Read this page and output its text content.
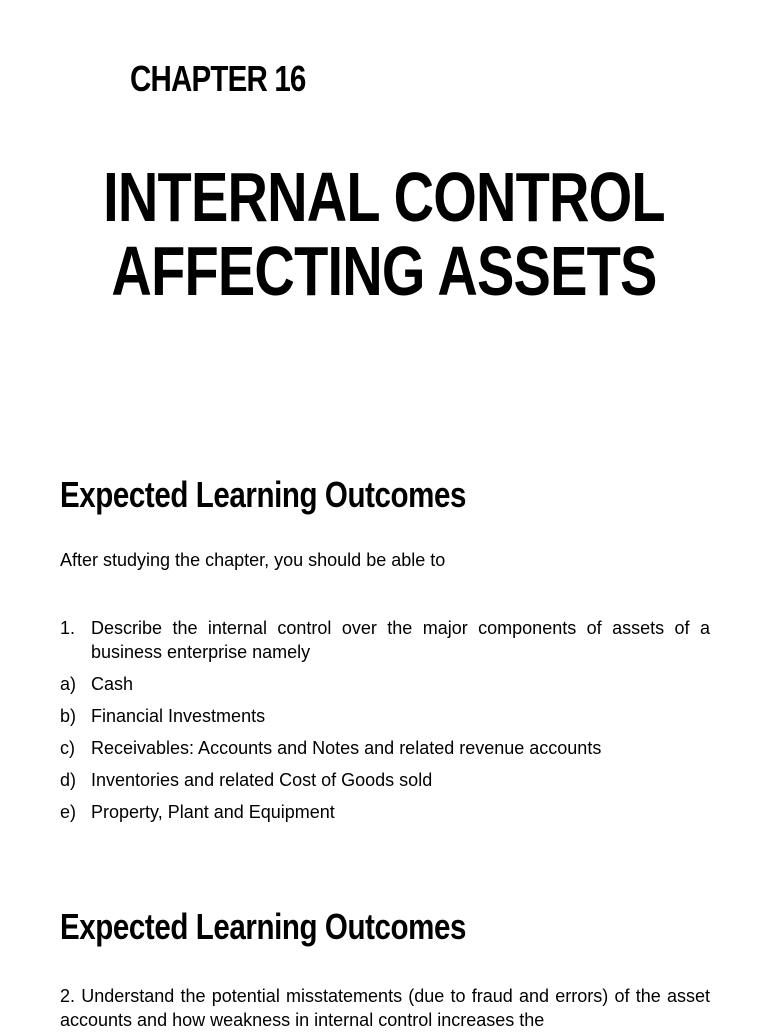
CHAPTER 16
INTERNAL CONTROL
AFFECTING ASSETS
Expected Learning Outcomes
After studying the chapter, you should be able to
1. Describe the internal control over the major components of assets of a business enterprise namely
a) Cash
b) Financial Investments
c) Receivables: Accounts and Notes and related revenue accounts
d) Inventories and related Cost of Goods sold
e) Property, Plant and Equipment
Expected Learning Outcomes
2. Understand the potential misstatements (due to fraud and errors) of the asset accounts and how weakness in internal control increases the
